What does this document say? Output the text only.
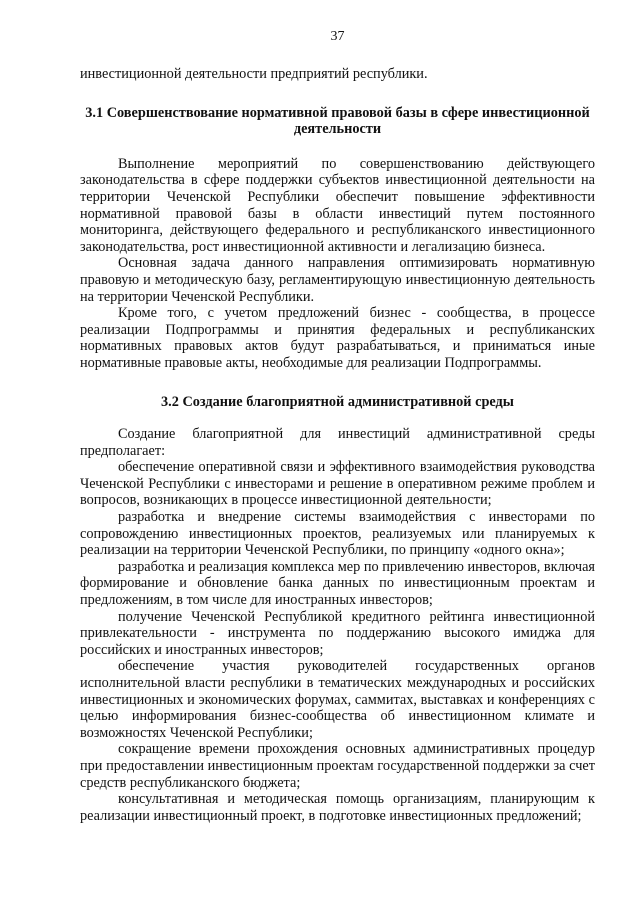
37

инвестиционной деятельности предприятий республики.

3.1 Совершенствование нормативной правовой базы в сфере инвестиционной деятельности

Выполнение мероприятий по совершенствованию действующего законодательства в сфере поддержки субъектов инвестиционной деятельности на территории Чеченской Республики обеспечит повышение эффективности нормативной правовой базы в области инвестиций путем постоянного мониторинга, действующего федерального и республиканского инвестиционного законодательства, рост инвестиционной активности и легализацию бизнеса.

Основная задача данного направления оптимизировать нормативную правовую и методическую базу, регламентирующую инвестиционную деятельность на территории Чеченской Республики.

Кроме того, с учетом предложений бизнес - сообщества, в процессе реализации Подпрограммы и принятия федеральных и республиканских нормативных правовых актов будут разрабатываться, и приниматься иные нормативные правовые акты, необходимые для реализации Подпрограммы.

3.2 Создание благоприятной административной среды

Создание благоприятной для инвестиций административной среды предполагает:

обеспечение оперативной связи и эффективного взаимодействия руководства Чеченской Республики с инвесторами и решение в оперативном режиме проблем и вопросов, возникающих в процессе инвестиционной деятельности;

разработка и внедрение системы взаимодействия с инвесторами по сопровождению инвестиционных проектов, реализуемых или планируемых к реализации на территории Чеченской Республики, по принципу «одного окна»;

разработка и реализация комплекса мер по привлечению инвесторов, включая формирование и обновление банка данных по инвестиционным проектам и предложениям, в том числе для иностранных инвесторов;

получение Чеченской Республикой кредитного рейтинга инвестиционной привлекательности - инструмента по поддержанию высокого имиджа для российских и иностранных инвесторов;

обеспечение участия руководителей государственных органов исполнительной власти республики в тематических международных и российских инвестиционных и экономических форумах, саммитах, выставках и конференциях с целью информирования бизнес-сообщества об инвестиционном климате и возможностях Чеченской Республики;

сокращение времени прохождения основных административных процедур при предоставлении инвестиционным проектам государственной поддержки за счет средств республиканского бюджета;

консультативная и методическая помощь организациям, планирующим к реализации инвестиционный проект, в подготовке инвестиционных предложений;
